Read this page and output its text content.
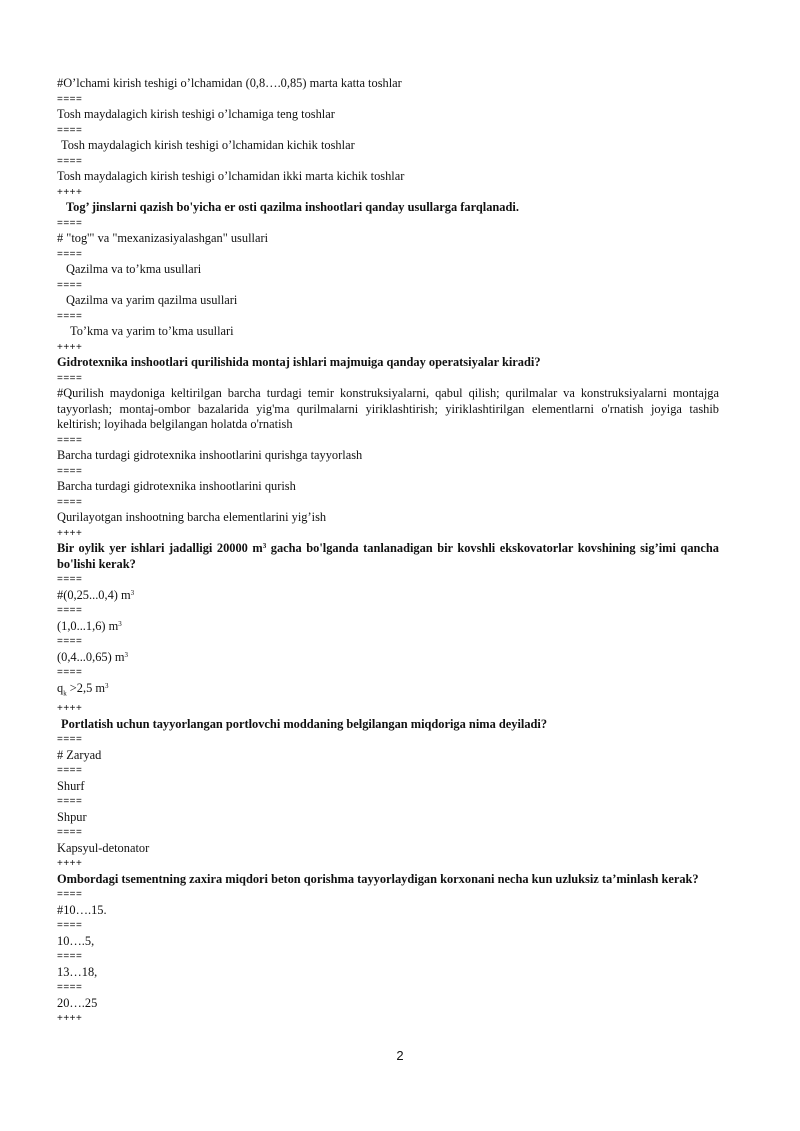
#O’lchami kirish teshigi o’lchamidan (0,8….0,85) marta katta toshlar
====
Tosh maydalagich kirish teshigi o’lchamiga teng toshlar
====
Tosh maydalagich kirish teshigi o’lchamidan kichik toshlar
====
Tosh maydalagich kirish teshigi o’lchamidan ikki marta kichik toshlar
++++
Tog’ jinslarni qazish bo'yicha er osti qazilma inshootlari qanday usullarga farqlanadi.
====
# "tog'" va "mexanizasiyalashgan" usullari
====
Qazilma va to’kma usullari
====
Qazilma va yarim qazilma usullari
====
To’kma va yarim to’kma usullari
++++
Gidrotexnika inshootlari qurilishida montaj ishlari majmuiga qanday operatsiyalar kiradi?
====
#Qurilish maydoniga keltirilgan barcha turdagi temir konstruksiyalarni, qabul qilish; qurilmalar va konstruksiyalarni montajga tayyorlash; montaj-ombor bazalarida yig'ma qurilmalarni yiriklashtirish; yiriklashtirilgan elementlarni o'rnatish joyiga tashib keltirish; loyihada belgilangan holatda o'rnatish
====
Barcha turdagi gidrotexnika inshootlarini qurishga tayyorlash
====
Barcha turdagi gidrotexnika inshootlarini qurish
====
Qurilayotgan inshootning barcha elementlarini yig’ish
++++
Bir oylik yer ishlari jadalligi 20000 $m^3$ gacha bo'lganda tanlanadigan bir kovshli ekskovatorlar kovshining sig’imi qancha bo'lishi kerak?
====
#(0,25...0,4) $m^3$
====
(1,0...1,6) $m^3$
====
(0,4...0,65) $m^3$
====
$q_k >2,5$ $m^3$
++++
Portlatish uchun tayyorlangan portlovchi moddaning belgilangan miqdoriga nima deyiladi?
====
# Zaryad
====
Shurf
====
Shpur
====
Kapsyul-detonator
++++
Ombordagi tsementning zaxira miqdori beton qorishma tayyorlaydigan korxonani necha kun uzluksiz ta’minlash kerak?
====
#10….15.
====
10….5,
====
13…18,
====
20….25
++++
2
